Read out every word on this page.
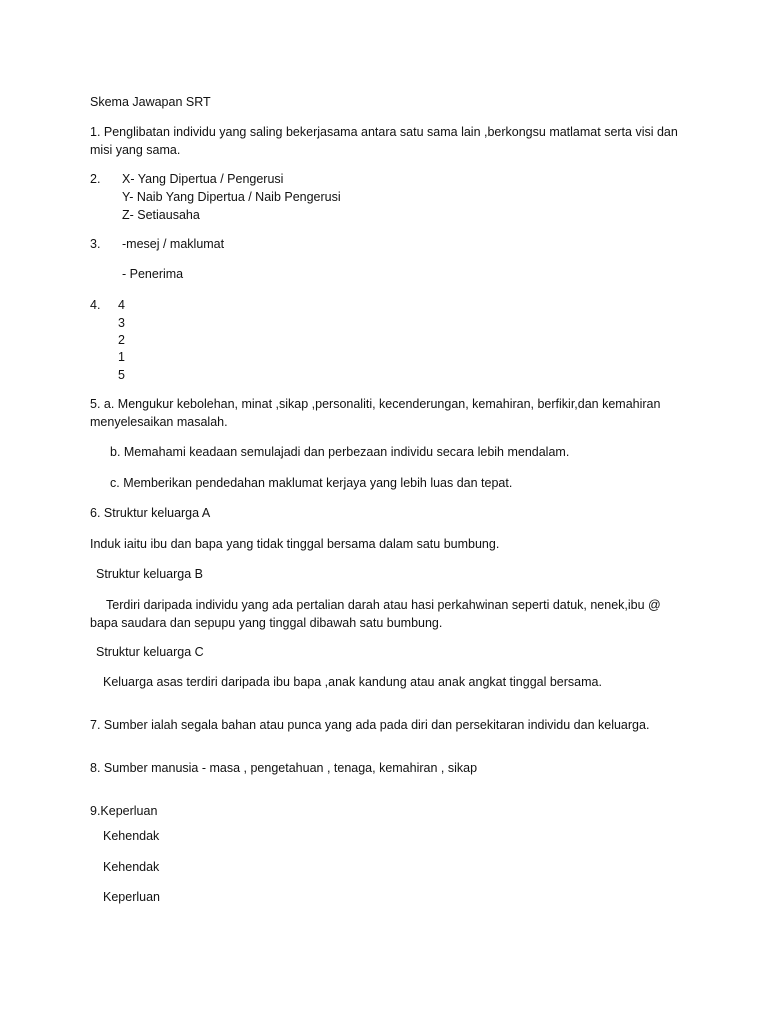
Skema Jawapan SRT
1. Penglibatan individu yang saling bekerjasama antara satu sama lain ,berkongsu matlamat serta visi dan misi yang sama.
2. X- Yang Dipertua / Pengerusi
Y- Naib Yang Dipertua / Naib Pengerusi
Z- Setiausaha
3. -mesej / maklumat
- Penerima
4. 4
3
2
1
5
5. a. Mengukur kebolehan, minat ,sikap ,personaliti, kecenderungan, kemahiran, berfikir,dan kemahiran menyelesaikan masalah.
b. Memahami keadaan semulajadi dan perbezaan individu secara lebih mendalam.
c. Memberikan pendedahan maklumat kerjaya yang lebih luas dan tepat.
6. Struktur keluarga A
Induk iaitu ibu dan bapa yang tidak tinggal bersama dalam satu bumbung.
Struktur keluarga B
Terdiri daripada individu yang ada pertalian darah atau hasi perkahwinan seperti datuk, nenek,ibu @ bapa saudara dan sepupu yang tinggal dibawah satu bumbung.
Struktur keluarga C
Keluarga asas terdiri daripada ibu bapa ,anak kandung atau anak angkat tinggal bersama.
7. Sumber ialah segala bahan atau punca yang ada pada diri dan persekitaran individu dan keluarga.
8. Sumber manusia - masa , pengetahuan , tenaga, kemahiran , sikap
9.Keperluan
Kehendak
Kehendak
Keperluan
